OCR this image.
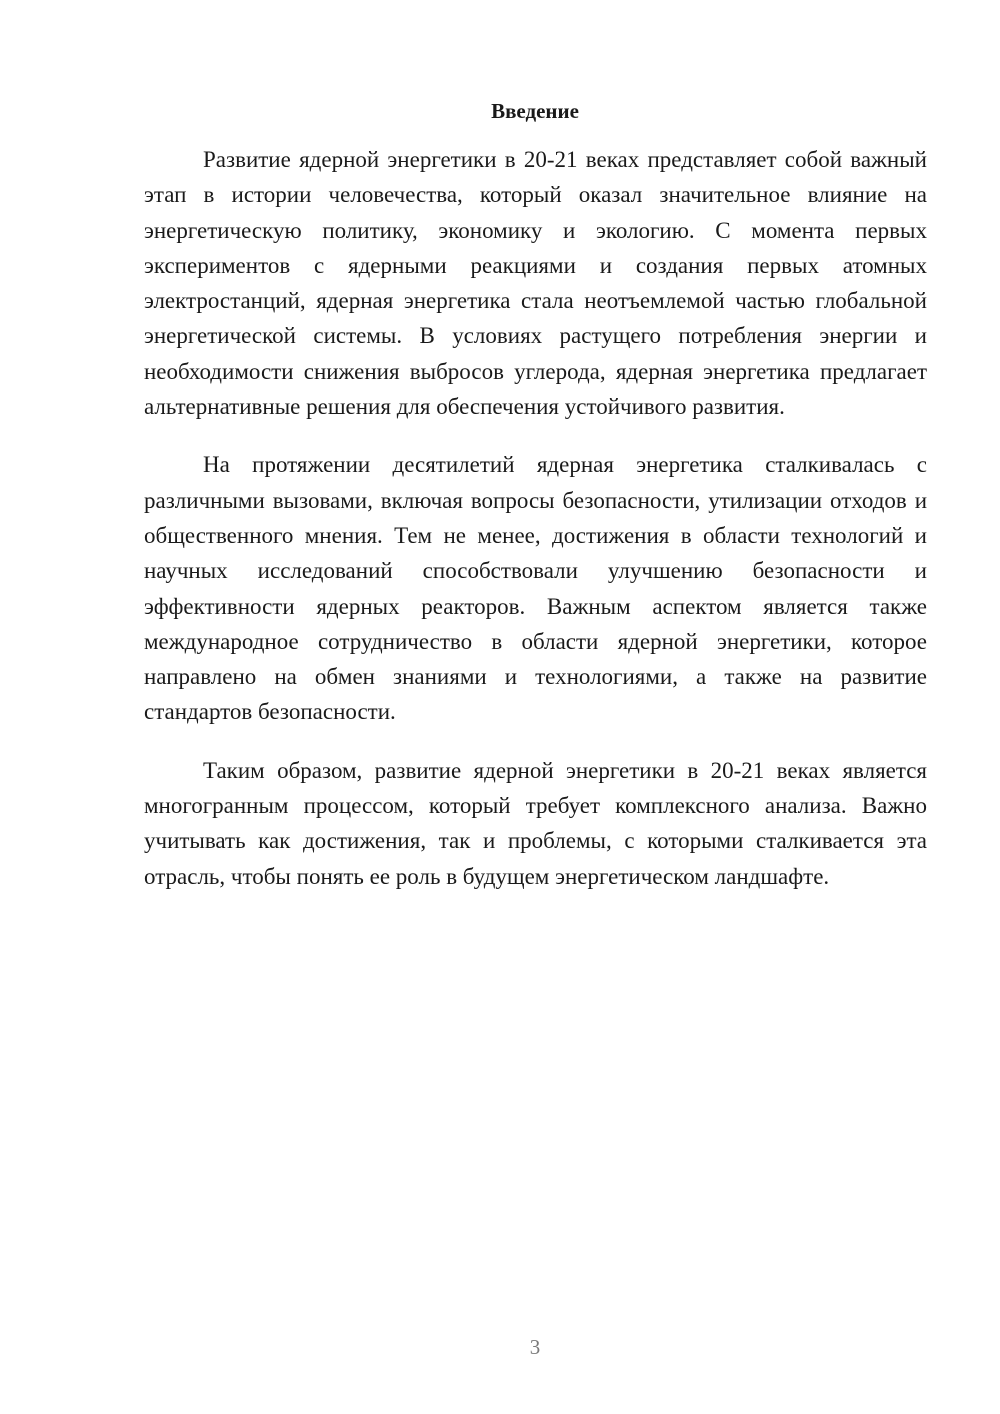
Введение

Развитие ядерной энергетики в 20-21 веках представляет собой важный этап в истории человечества, который оказал значительное влияние на энергетическую политику, экономику и экологию. С момента первых экспериментов с ядерными реакциями и создания первых атомных электростанций, ядерная энергетика стала неотъемлемой частью глобальной энергетической системы. В условиях растущего потребления энергии и необходимости снижения выбросов углерода, ядерная энергетика предлагает альтернативные решения для обеспечения устойчивого развития.

На протяжении десятилетий ядерная энергетика сталкивалась с различными вызовами, включая вопросы безопасности, утилизации отходов и общественного мнения. Тем не менее, достижения в области технологий и научных исследований способствовали улучшению безопасности и эффективности ядерных реакторов. Важным аспектом является также международное сотрудничество в области ядерной энергетики, которое направлено на обмен знаниями и технологиями, а также на развитие стандартов безопасности.

Таким образом, развитие ядерной энергетики в 20-21 веках является многогранным процессом, который требует комплексного анализа. Важно учитывать как достижения, так и проблемы, с которыми сталкивается эта отрасль, чтобы понять ее роль в будущем энергетическом ландшафте.

3
